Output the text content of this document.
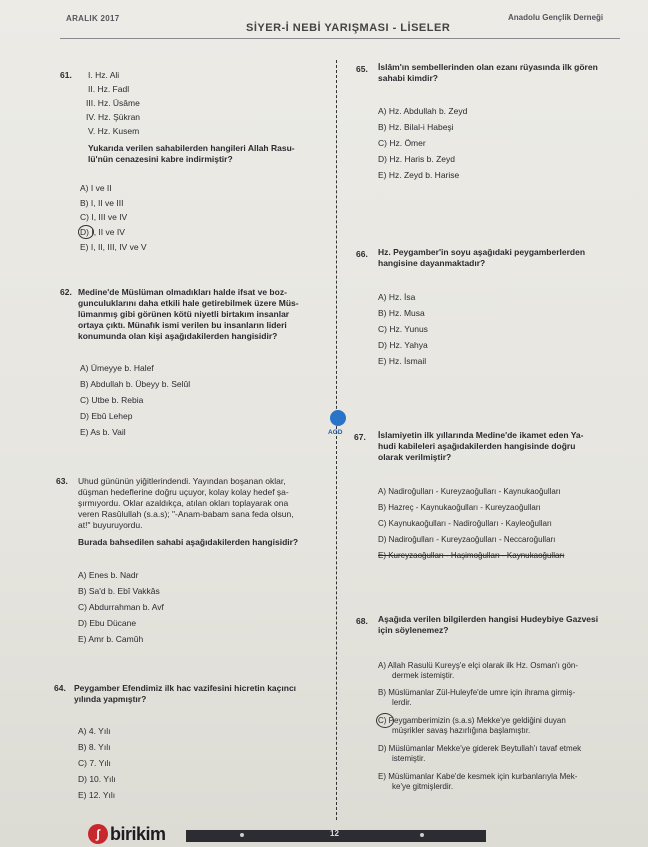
ARALIK 2017
SİYER-İ NEBİ YARIŞMASI - LİSELER
Anadolu Gençlik Derneği
61. I. Hz. Ali
II. Hz. Fadl
III. Hz. Üsâme
IV. Hz. Şükran
V. Hz. Kusem
Yukarıda verilen sahabilerden hangileri Allah Rasu-
lü'nün cenazesini kabre indirmiştir?
A) I ve II
B) I, II ve III
C) I, III ve IV
D) I, II ve IV
E) I, II, III, IV ve V
62. Medine'de Müslüman olmadıkları halde ifsat ve boz-
gunculuklarını daha etkili hale getirebilmek üzere Müs-
lümanmış gibi görünen kötü niyetli birtakım insanlar
ortaya çıktı. Münafık ismi verilen bu insanların lideri
konumunda olan kişi aşağıdakilerden hangisidir?
A) Ümeyye b. Halef
B) Abdullah b. Übeyy b. Selûl
C) Utbe b. Rebia
D) Ebû Lehep
E) As b. Vail
63. Uhud gününün yiğitlerindendi. Yayından boşanan oklar,
düşman hedeflerine doğru uçuyor, kolay kolay hedef şa-
şırmıyordu. Oklar azaldıkça, atılan okları toplayarak ona
veren Rasûlullah (s.a.s); "-Anam-babam sana feda olsun,
at!" buyuruyordu.
Burada bahsedilen sahabi aşağıdakilerden hangisidir?
A) Enes b. Nadr
B) Sa'd b. Ebî Vakkâs
C) Abdurrahman b. Avf
D) Ebu Dücane
E) Amr b. Camûh
64. Peygamber Efendimiz ilk hac vazifesini hicretin kaçıncı
yılında yapmıştır?
A) 4. Yılı
B) 8. Yılı
C) 7. Yılı
D) 10. Yılı
E) 12. Yılı
65. İslâm'ın sembellerinden olan ezanı rüyasında ilk gören
sahabi kimdir?
A) Hz. Abdullah b. Zeyd
B) Hz. Bilal-i Habeşi
C) Hz. Ömer
D) Hz. Haris b. Zeyd
E) Hz. Zeyd b. Harise
66. Hz. Peygamber'in soyu aşağıdaki peygamberlerden
hangisine dayanmaktadır?
A) Hz. İsa
B) Hz. Musa
C) Hz. Yunus
D) Hz. Yahya
E) Hz. İsmail
AGD 67. İslamiyetin ilk yıllarında Medine'de ikamet eden Ya-
hudi kabileleri aşağıdakilerden hangisinde doğru
olarak verilmiştir?
A) Nadiroğulları - Kureyzaoğulları - Kaynukaoğulları
B) Hazreç - Kaynukaoğulları - Kureyzaoğulları
C) Kaynukaoğulları - Nadiroğulları - Kayleoğulları
D) Nadiroğulları - Kureyzaoğulları - Neccaroğulları
E) Kureyzaoğulları - Haşimoğulları - Kaynukaoğulları
68. Aşağıda verilen bilgilerden hangisi Hudeybiye Gazvesi
için söylenemez?
A) Allah Rasulü Kureyş'e elçi olarak ilk Hz. Osman'ı gön-
dermek istemiştir.
B) Müslümanlar Zül-Huleyfe'de umre için ihrama girmiş-
lerdir.
C) Peygamberimizin (s.a.s) Mekke'ye geldiğini duyan
müşrikler savaş hazırlığına başlamıştır.
D) Müslümanlar Mekke'ye giderek Beytullah'ı tavaf etmek
istemiştir.
E) Müslümanlar Kabe'de kesmek için kurbanlarıyla Mek-
ke'ye gitmişlerdir.
12
∫ birikim
